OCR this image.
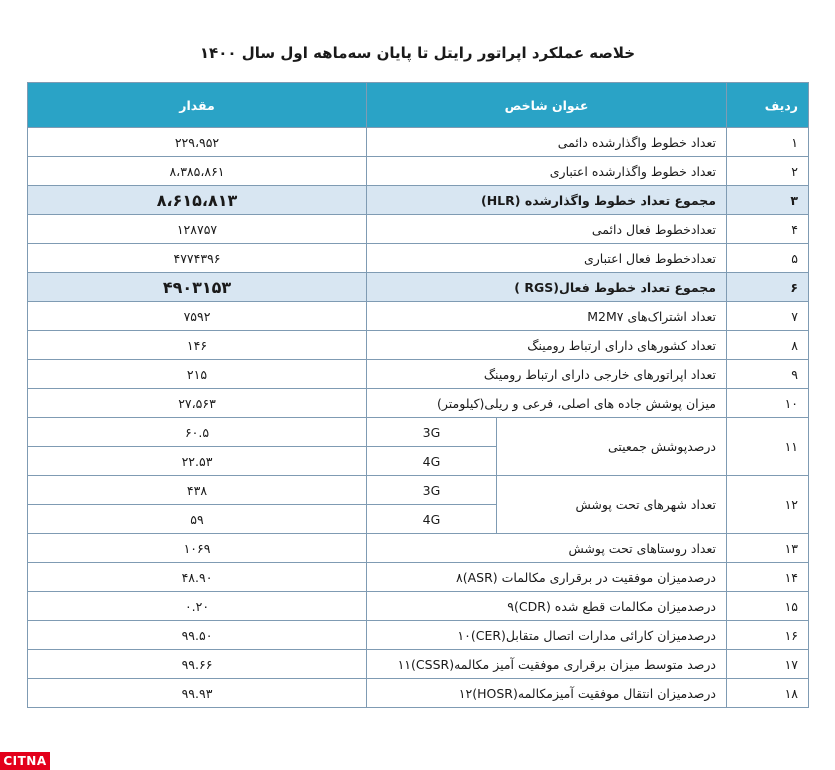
خلاصه عملکرد اپراتور رایتل تا پایان سه‌ماهه اول سال ۱۴۰۰
ردیف	عنوان شاخص		مقدار
۱	تعداد خطوط واگذارشده دائمی		۲۲۹،۹۵۲
۲	تعداد خطوط واگذارشده اعتباری		۸،۳۸۵،۸۶۱
۳	مجموع تعداد خطوط واگذارشده (HLR)		۸،۶۱۵،۸۱۳
۴	تعدادخطوط فعال دائمی		۱۲۸۷۵۷
۵	تعدادخطوط فعال اعتباری		۴۷۷۴۳۹۶
۶	مجموع تعداد خطوط فعال(RGS )		۴۹۰۳۱۵۳
۷	تعداد اشتراک‌های M2M۷		۷۵۹۲
۸	تعداد کشورهای دارای ارتباط رومینگ		۱۴۶
۹	تعداد اپراتورهای خارجی دارای ارتباط رومینگ		۲۱۵
۱۰	میزان پوشش جاده های اصلی، فرعی و ریلی(کیلومتر)		۲۷،۵۶۳
۱۱	درصدپوشش جمعیتی	3G	۶۰.۵
		4G	۲۲.۵۳
۱۲	تعداد شهرهای تحت پوشش	3G	۴۳۸
		4G	۵۹
۱۳	تعداد روستاهای تحت پوشش		۱۰۶۹
۱۴	درصدمیزان موفقیت در برقراری مکالمات (ASR)۸		۴۸.۹۰
۱۵	درصدمیزان مکالمات قطع شده (CDR)۹		۰.۲۰
۱۶	درصدمیزان کارائی مدارات اتصال متقابل(CER)۱۰		۹۹.۵۰
۱۷	درصد متوسط میزان برقراری موفقیت آمیز مکالمه(CSSR)۱۱		۹۹.۶۶
۱۸	درصدمیزان انتقال موفقیت آمیزمکالمه(HOSR)۱۲		۹۹.۹۳
CITNA
